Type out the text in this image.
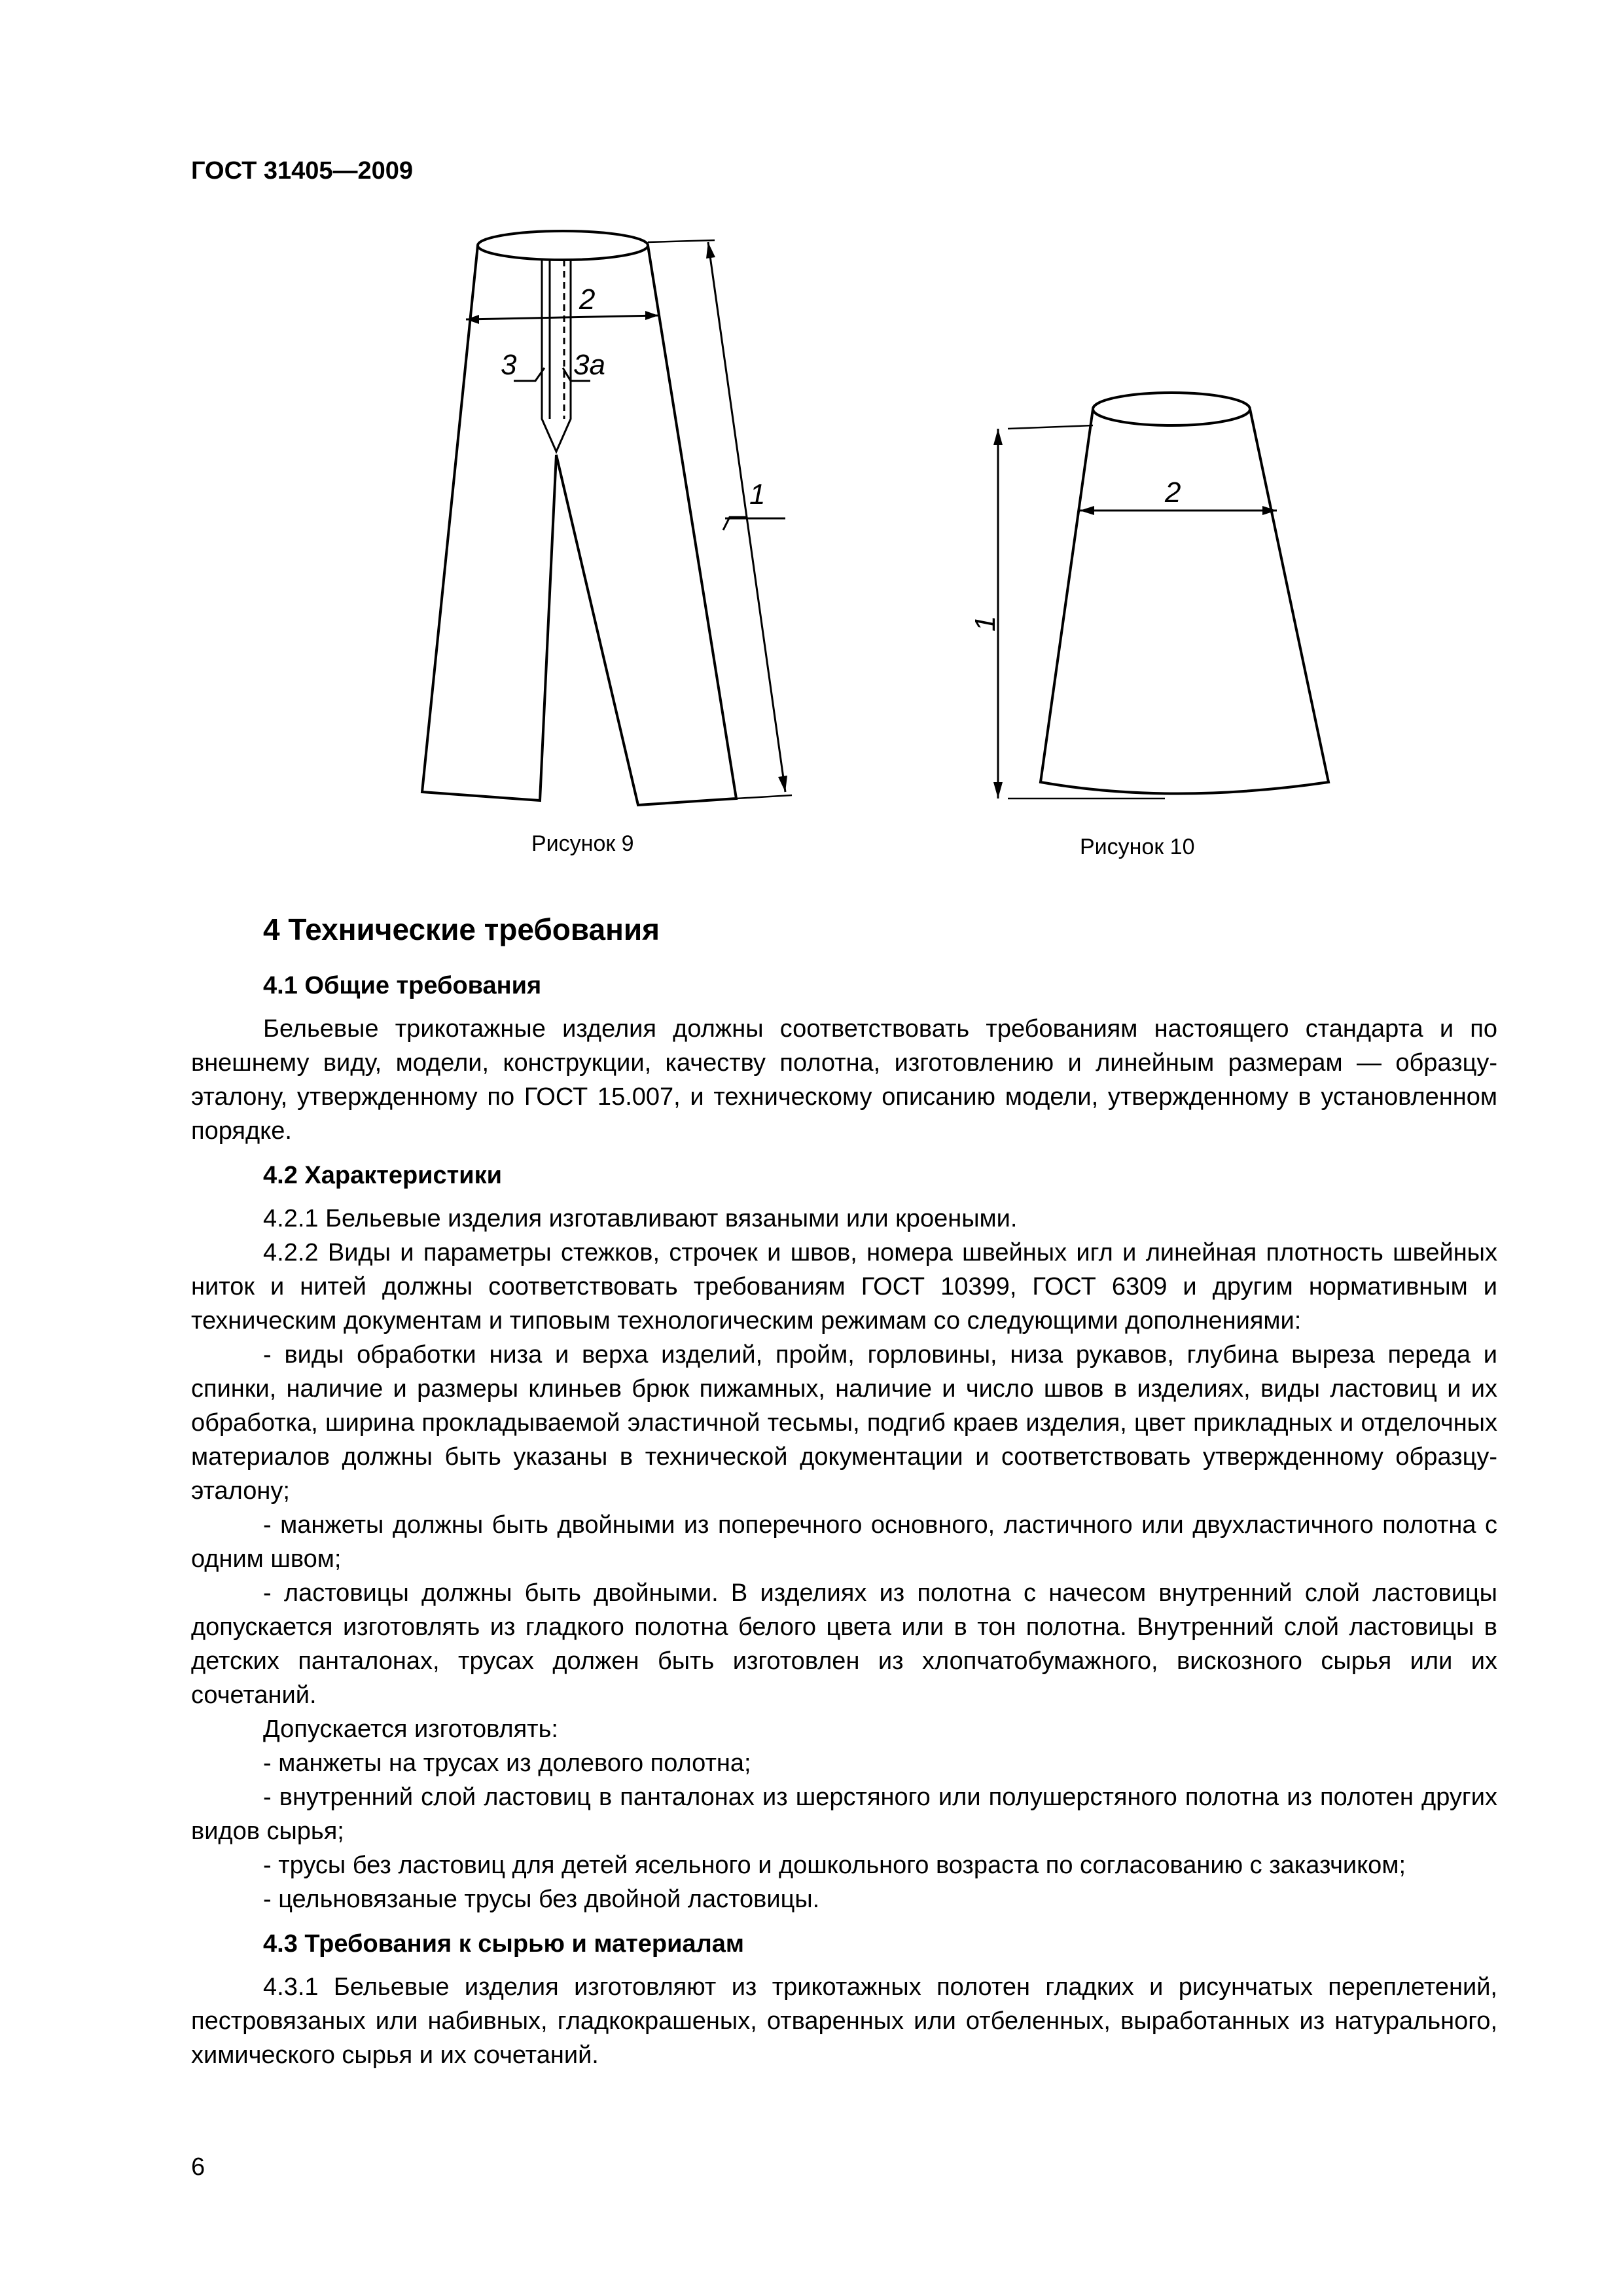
ГОСТ 31405—2009
1
2
3 3а
Рисунок 9
1
2
Рисунок 10
4 Технические требования
4.1 Общие требования

Бельевые трикотажные изделия должны соответствовать требованиям настоящего стандарта и по внешнему виду, модели, конструкции, качеству полотна, изготовлению и линейным размерам — образцу-эталону, утвержденному по ГОСТ 15.007, и техническому описанию модели, утвержденному в установленном порядке.

4.2 Характеристики

4.2.1 Бельевые изделия изготавливают вязаными или кроеными.

4.2.2 Виды и параметры стежков, строчек и швов, номера швейных игл и линейная плотность швейных ниток и нитей должны соответствовать требованиям ГОСТ 10399, ГОСТ 6309 и другим нормативным и техническим документам и типовым технологическим режимам со следующими дополнениями:

- виды обработки низа и верха изделий, пройм, горловины, низа рукавов, глубина выреза переда и спинки, наличие и размеры клиньев брюк пижамных, наличие и число швов в изделиях, виды ластовиц и их обработка, ширина прокладываемой эластичной тесьмы, подгиб краев изделия, цвет прикладных и отделочных материалов должны быть указаны в технической документации и соответствовать утвержденному образцу-эталону;

- манжеты должны быть двойными из поперечного основного, ластичного или двухластичного полотна с одним швом;

- ластовицы должны быть двойными. В изделиях из полотна с начесом внутренний слой ластовицы допускается изготовлять из гладкого полотна белого цвета или в тон полотна. Внутренний слой ластовицы в детских панталонах, трусах должен быть изготовлен из хлопчатобумажного, вискозного сырья или их сочетаний.

Допускается изготовлять:

- манжеты на трусах из долевого полотна;

- внутренний слой ластовиц в панталонах из шерстяного или полушерстяного полотна из полотен других видов сырья;

- трусы без ластовиц для детей ясельного и дошкольного возраста по согласованию с заказчиком;

- цельновязаные трусы без двойной ластовицы.

4.3 Требования к сырью и материалам

4.3.1 Бельевые изделия изготовляют из трикотажных полотен гладких и рисунчатых переплетений, пестровязаных или набивных, гладкокрашеных, отваренных или отбеленных, выработанных из натурального, химического сырья и их сочетаний.

6
